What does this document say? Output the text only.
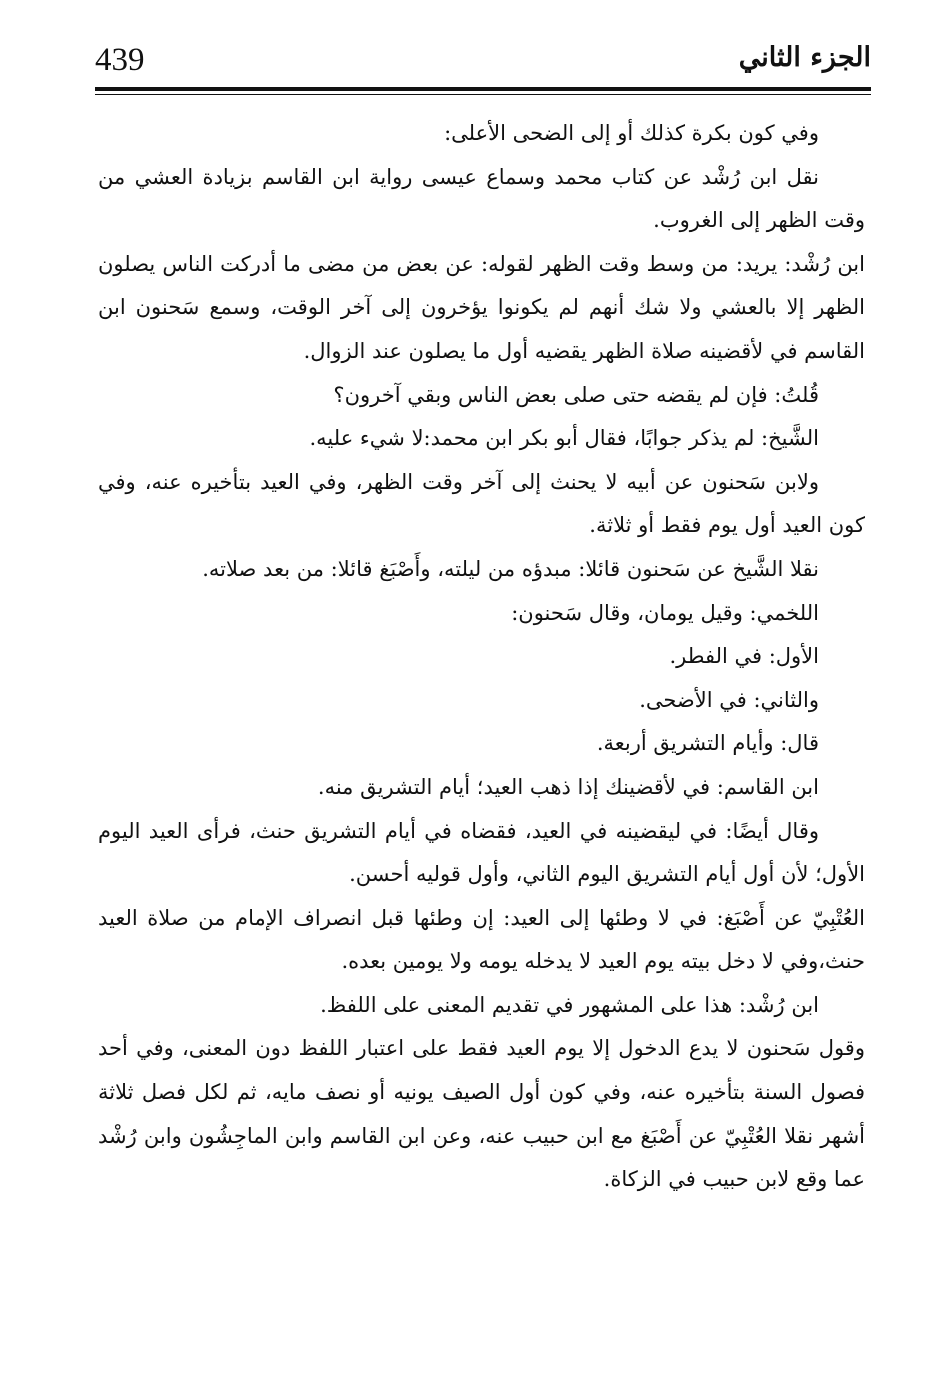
439	الجزء الثاني

وفي كون بكرة كذلك أو إلى الضحى الأعلى:

نقل ابن رُشْد عن كتاب محمد وسماع عيسى رواية ابن القاسم بزيادة العشي من وقت الظهر إلى الغروب.

ابن رُشْد: يريد: من وسط وقت الظهر لقوله: عن بعض من مضى ما أدركت الناس يصلون الظهر إلا بالعشي ولا شك أنهم لم يكونوا يؤخرون إلى آخر الوقت، وسمع سَحنون ابن القاسم في لأقضينه صلاة الظهر يقضيه أول ما يصلون عند الزوال.

قُلتُ: فإن لم يقضه حتى صلى بعض الناس وبقي آخرون؟

الشَّيخ: لم يذكر جوابًا، فقال أبو بكر ابن محمد:لا شيء عليه.

ولابن سَحنون عن أبيه لا يحنث إلى آخر وقت الظهر، وفي العيد بتأخيره عنه، وفي كون العيد أول يوم فقط أو ثلاثة.

نقلا الشَّيخ عن سَحنون قائلا: مبدؤه من ليلته، وأَصْبَغ قائلا: من بعد صلاته.

اللخمي: وقيل يومان، وقال سَحنون:

الأول: في الفطر.

والثاني: في الأضحى.

قال: وأيام التشريق أربعة.

ابن القاسم: في لأقضينك إذا ذهب العيد؛ أيام التشريق منه.

وقال أيضًا: في ليقضينه في العيد، فقضاه في أيام التشريق حنث، فرأى العيد اليوم الأول؛ لأن أول أيام التشريق اليوم الثاني، وأول قوليه أحسن.

العُتْبِيّ عن أَصْبَغ: في لا وطئها إلى العيد: إن وطئها قبل انصراف الإمام من صلاة العيد حنث،وفي لا دخل بيته يوم العيد لا يدخله يومه ولا يومين بعده.

ابن رُشْد: هذا على المشهور في تقديم المعنى على اللفظ.

وقول سَحنون لا يدع الدخول إلا يوم العيد فقط على اعتبار اللفظ دون المعنى، وفي أحد فصول السنة بتأخيره عنه، وفي كون أول الصيف يونيه أو نصف مايه، ثم لكل فصل ثلاثة أشهر نقلا العُتْبِيّ عن أَصْبَغ مع ابن حبيب عنه، وعن ابن القاسم وابن الماجِشُون وابن رُشْد عما وقع لابن حبيب في الزكاة.
